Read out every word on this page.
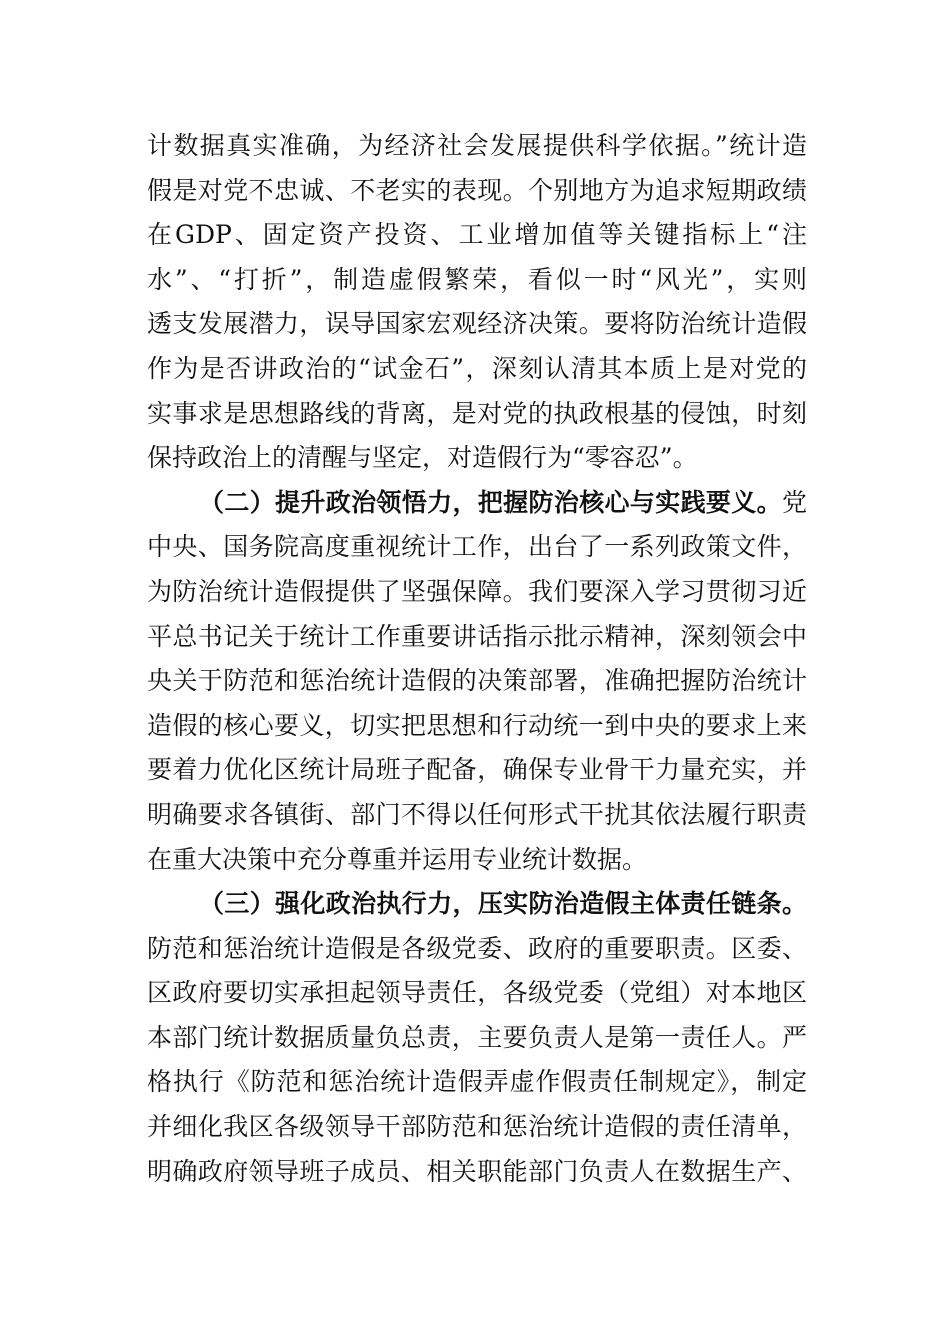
计数据真实准确，为经济社会发展提供科学依据。”统计造
假是对党不忠诚、不老实的表现。个别地方为追求短期政绩
在GDP、固定资产投资、工业增加值等关键指标上“注
水”、“打折”，制造虚假繁荣，看似一时“风光”，实则
透支发展潜力，误导国家宏观经济决策。要将防治统计造假
作为是否讲政治的“试金石”，深刻认清其本质上是对党的
实事求是思想路线的背离，是对党的执政根基的侵蚀，时刻
保持政治上的清醒与坚定，对造假行为“零容忍”。
（二）提升政治领悟力，把握防治核心与实践要义。党
中央、国务院高度重视统计工作，出台了一系列政策文件，
为防治统计造假提供了坚强保障。我们要深入学习贯彻习近
平总书记关于统计工作重要讲话指示批示精神，深刻领会中
央关于防范和惩治统计造假的决策部署，准确把握防治统计
造假的核心要义，切实把思想和行动统一到中央的要求上来
要着力优化区统计局班子配备，确保专业骨干力量充实，并
明确要求各镇街、部门不得以任何形式干扰其依法履行职责
在重大决策中充分尊重并运用专业统计数据。
（三）强化政治执行力，压实防治造假主体责任链条。
防范和惩治统计造假是各级党委、政府的重要职责。区委、
区政府要切实承担起领导责任，各级党委（党组）对本地区
本部门统计数据质量负总责，主要负责人是第一责任人。严
格执行《防范和惩治统计造假弄虚作假责任制规定》，制定
并细化我区各级领导干部防范和惩治统计造假的责任清单，
明确政府领导班子成员、相关职能部门负责人在数据生产、
